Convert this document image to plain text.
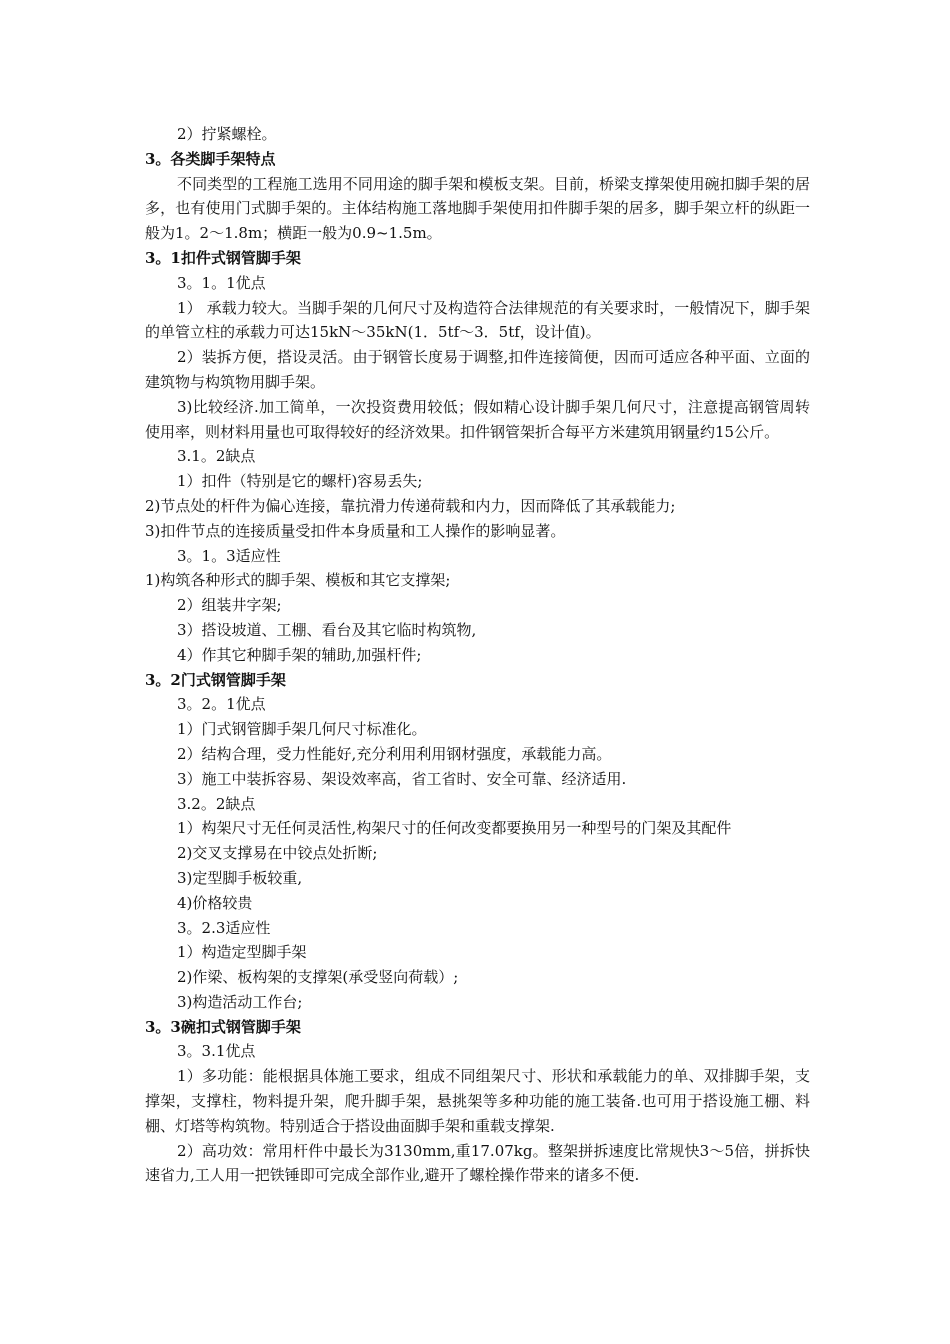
2）拧紧螺栓。
3。各类脚手架特点

不同类型的工程施工选用不同用途的脚手架和模板支架。目前，桥梁支撑架使用碗扣脚手架的居多，也有使用门式脚手架的。主体结构施工落地脚手架使用扣件脚手架的居多，脚手架立杆的纵距一般为1。2～1.8m；横距一般为0.9~1.5m。

3。1扣件式钢管脚手架
3。1。1优点

1） 承载力较大。当脚手架的几何尺寸及构造符合法律规范的有关要求时，一般情况下，脚手架的单管立柱的承载力可达15kN～35kN(1．5tf～3．5tf，设计值)。

2）装拆方便，搭设灵活。由于钢管长度易于调整,扣件连接简便，因而可适应各种平面、立面的建筑物与构筑物用脚手架。

3)比较经济.加工简单，一次投资费用较低；假如精心设计脚手架几何尺寸，注意提高钢管周转使用率，则材料用量也可取得较好的经济效果。扣件钢管架折合每平方米建筑用钢量约15公斤。

3.1。2缺点
1）扣件（特别是它的螺杆)容易丢失;
2)节点处的杆件为偏心连接，靠抗滑力传递荷载和内力，因而降低了其承载能力;
3)扣件节点的连接质量受扣件本身质量和工人操作的影响显著。
3。1。3适应性
1)构筑各种形式的脚手架、模板和其它支撑架;
2）组装井字架;
3）搭设坡道、工棚、看台及其它临时构筑物,
4）作其它种脚手架的辅助,加强杆件;
3。2门式钢管脚手架
3。2。1优点
1）门式钢管脚手架几何尺寸标准化。
2）结构合理，受力性能好,充分利用利用钢材强度，承载能力高。
3）施工中装拆容易、架设效率高，省工省时、安全可靠、经济适用.
3.2。2缺点
1）构架尺寸无任何灵活性,构架尺寸的任何改变都要换用另一种型号的门架及其配件
2)交叉支撑易在中铰点处折断;
3)定型脚手板较重,
4)价格较贵
3。2.3适应性
1）构造定型脚手架
2)作梁、板构架的支撑架(承受竖向荷载）;
3)构造活动工作台;
3。3碗扣式钢管脚手架
3。3.1优点

1）多功能：能根据具体施工要求，组成不同组架尺寸、形状和承载能力的单、双排脚手架，支撑架，支撑柱，物料提升架，爬升脚手架，悬挑架等多种功能的施工装备.也可用于搭设施工棚、料棚、灯塔等构筑物。特别适合于搭设曲面脚手架和重载支撑架.

2）高功效：常用杆件中最长为3130mm,重17.07kg。整架拼拆速度比常规快3～5倍，拼拆快速省力,工人用一把铁锤即可完成全部作业,避开了螺栓操作带来的诸多不便.
